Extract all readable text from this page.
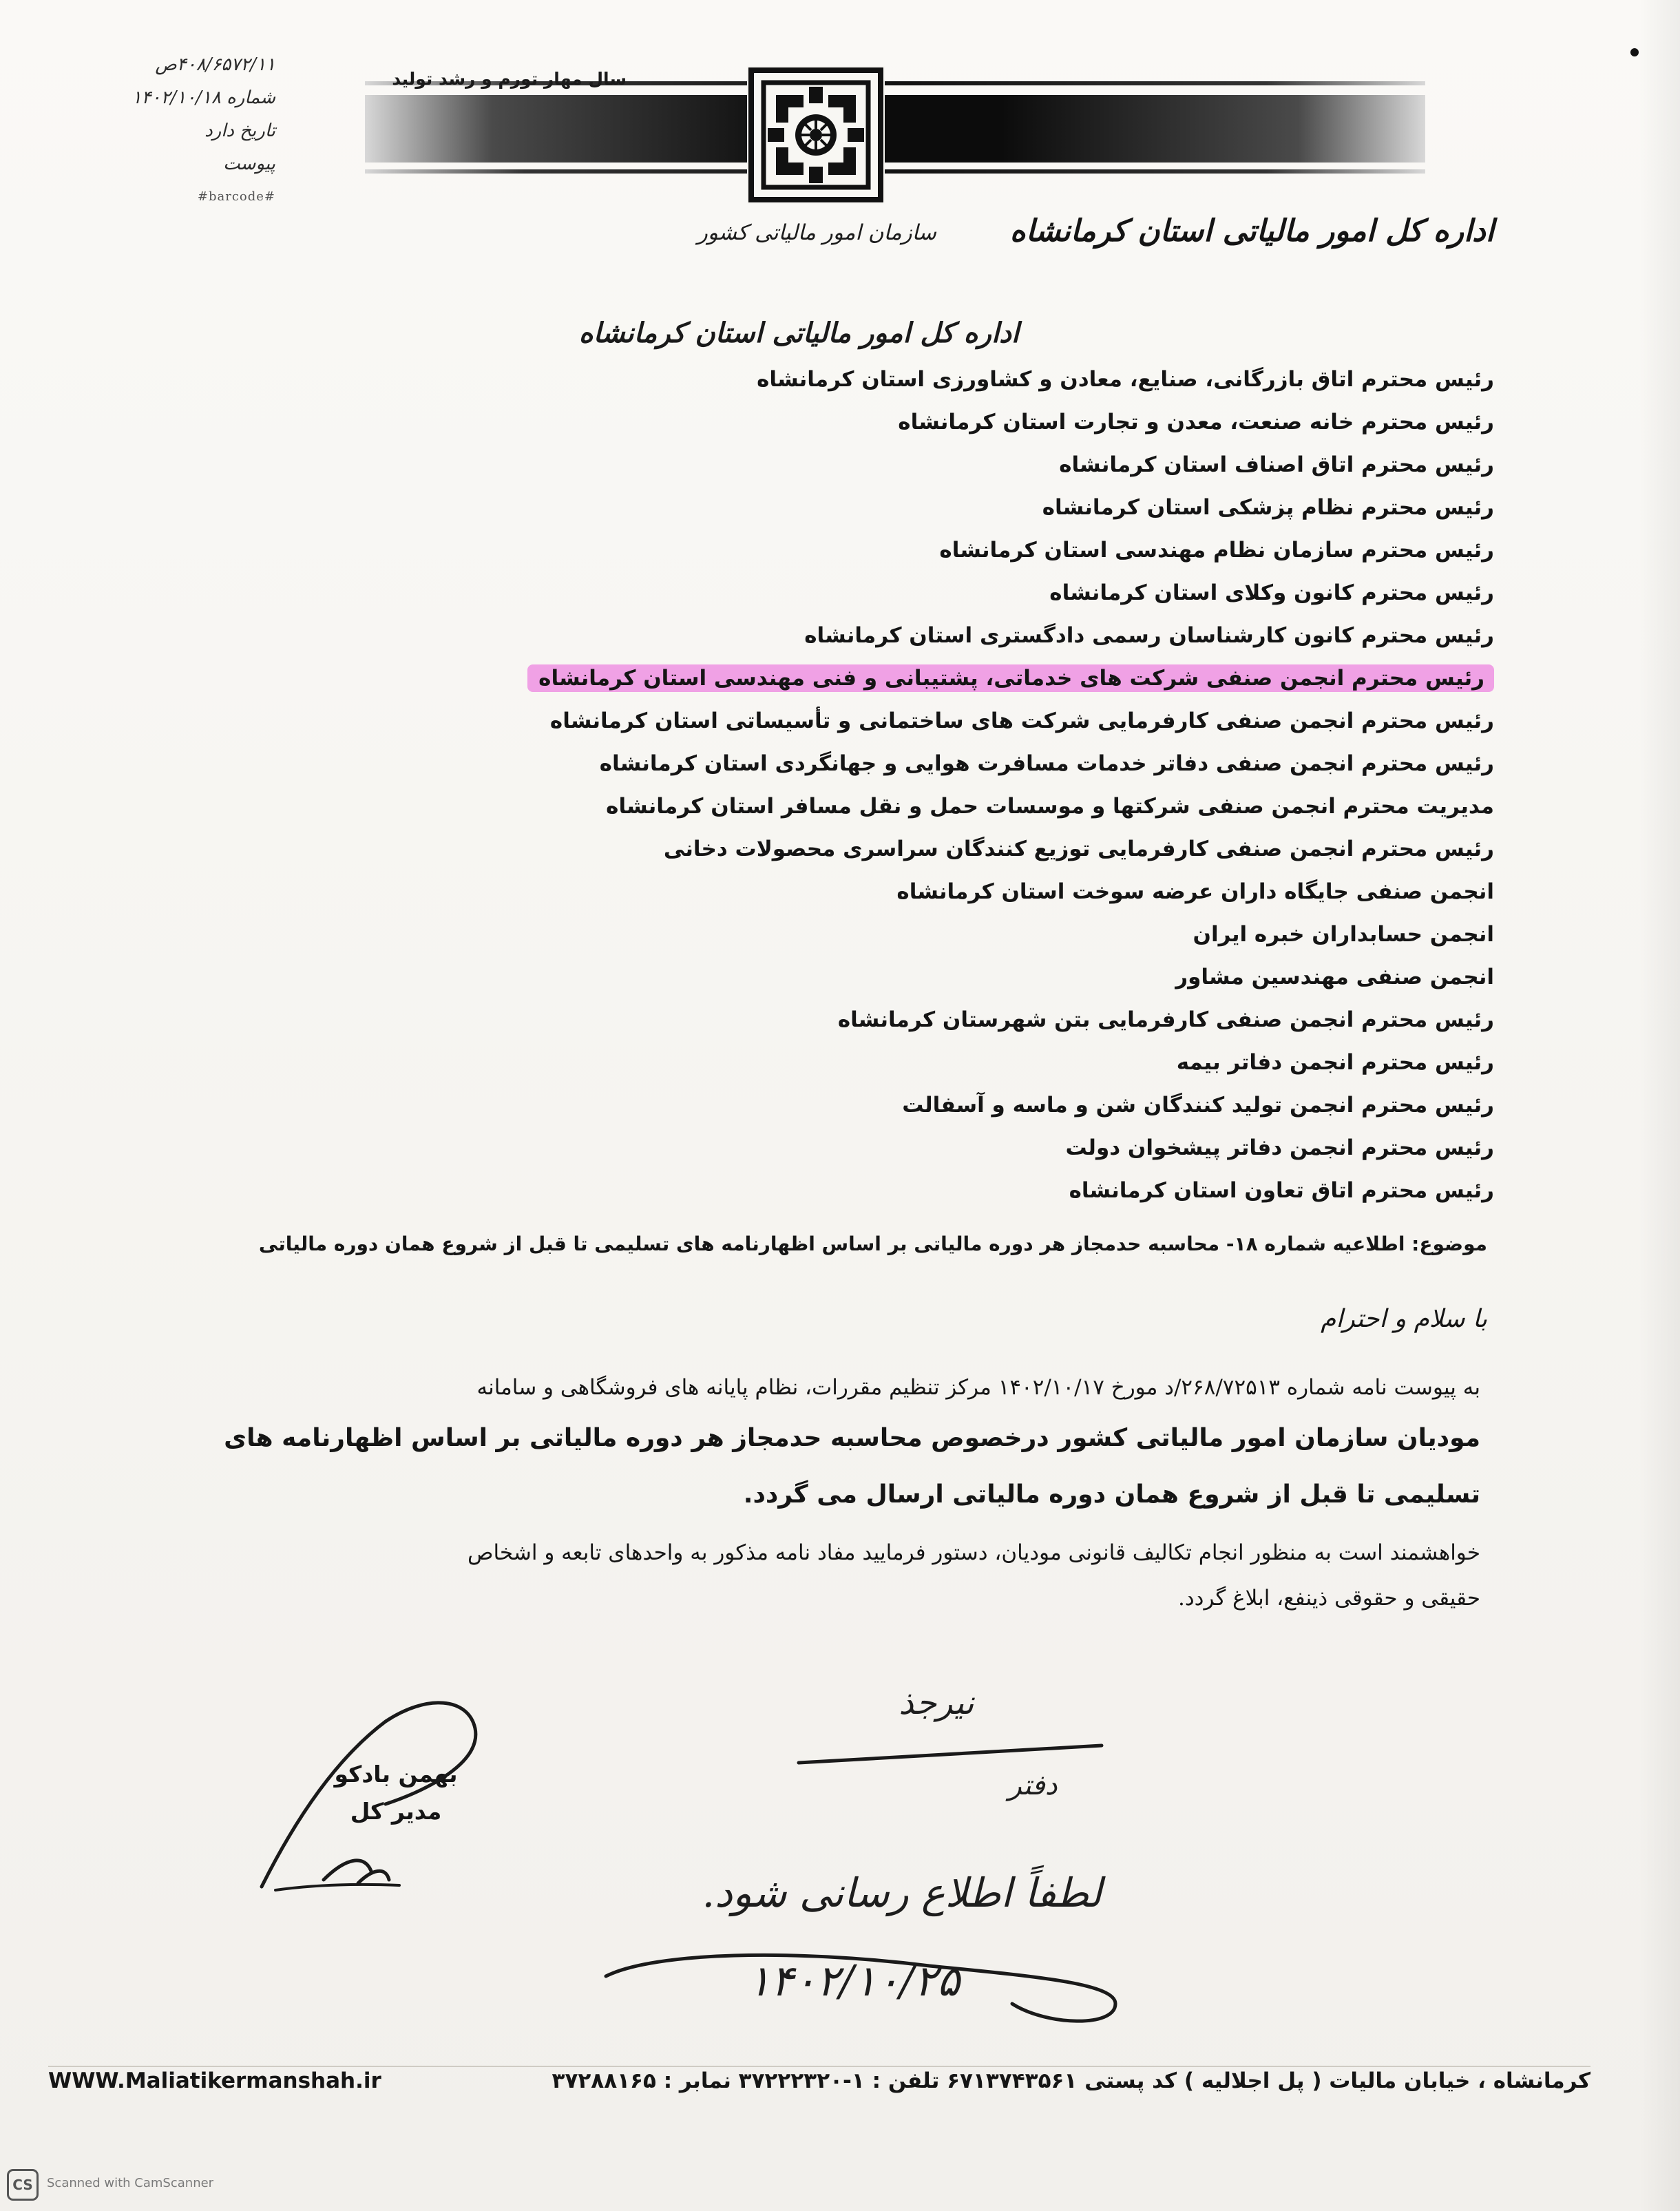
۴۰۸/۶۵۷۲/۱۱ص
شماره ۱۴۰۲/۱۰/۱۸
تاریخ دارد
پیوست
#barcode#
سال مهار تورم و رشد تولید
سازمان امور مالیاتی کشور اداره کل امور مالیاتی استان کرمانشاه
اداره کل امور مالیاتی استان کرمانشاه
رئیس محترم اتاق بازرگانی، صنایع، معادن و کشاورزی استان کرمانشاه
رئیس محترم خانه صنعت، معدن و تجارت استان کرمانشاه
رئیس محترم اتاق اصناف استان کرمانشاه
رئیس محترم نظام پزشکی استان کرمانشاه
رئیس محترم سازمان نظام مهندسی استان کرمانشاه
رئیس محترم کانون وکلای استان کرمانشاه
رئیس محترم کانون کارشناسان رسمی دادگستری استان کرمانشاه
رئیس محترم انجمن صنفی شرکت های خدماتی، پشتیبانی و فنی مهندسی استان کرمانشاه
رئیس محترم انجمن صنفی کارفرمایی شرکت های ساختمانی و تأسیساتی استان کرمانشاه
رئیس محترم انجمن صنفی دفاتر خدمات مسافرت هوایی و جهانگردی استان کرمانشاه
مدیریت محترم انجمن صنفی شرکتها و موسسات حمل و نقل مسافر استان کرمانشاه
رئیس محترم انجمن صنفی کارفرمایی توزیع کنندگان سراسری محصولات دخانی
انجمن صنفی جایگاه داران عرضه سوخت استان کرمانشاه
انجمن حسابداران خبره ایران
انجمن صنفی مهندسین مشاور
رئیس محترم انجمن صنفی کارفرمایی بتن شهرستان کرمانشاه
رئیس محترم انجمن دفاتر بیمه
رئیس محترم انجمن تولید کنندگان شن و ماسه و آسفالت
رئیس محترم انجمن دفاتر پیشخوان دولت
رئیس محترم اتاق تعاون استان کرمانشاه
موضوع: اطلاعیه شماره ۱۸- محاسبه حدمجاز هر دوره مالیاتی بر اساس اظهارنامه های تسلیمی تا قبل از شروع همان دوره مالیاتی
با سلام و احترام
به پیوست نامه شماره ۲۶۸/۷۲۵۱۳/د مورخ ۱۴۰۲/۱۰/۱۷ مرکز تنظیم مقررات، نظام پایانه های فروشگاهی و سامانه
مودیان سازمان امور مالیاتی کشور درخصوص محاسبه حدمجاز هر دوره مالیاتی بر اساس اظهارنامه های
تسلیمی تا قبل از شروع همان دوره مالیاتی ارسال می گردد.
خواهشمند است به منظور انجام تکالیف قانونی مودیان، دستور فرمایید مفاد نامه مذکور به واحدهای تابعه و اشخاص
حقیقی و حقوقی ذینفع، ابلاغ گردد.
بهمن بادکو
مدیر کل
نیرجذ
دفتر
لطفاً اطلاع رسانی شود.
۱۴۰۲/۱۰/۲۵
WWW.Maliatikermanshah.ir	کرمانشاه ، خیابان مالیات ( پل اجلالیه ) کد پستی ۶۷۱۳۷۴۳۵۶۱ تلفن : ۱-۳۷۲۲۲۳۲۰ نمابر : ۳۷۲۸۸۱۶۵
CS	Scanned with CamScanner
